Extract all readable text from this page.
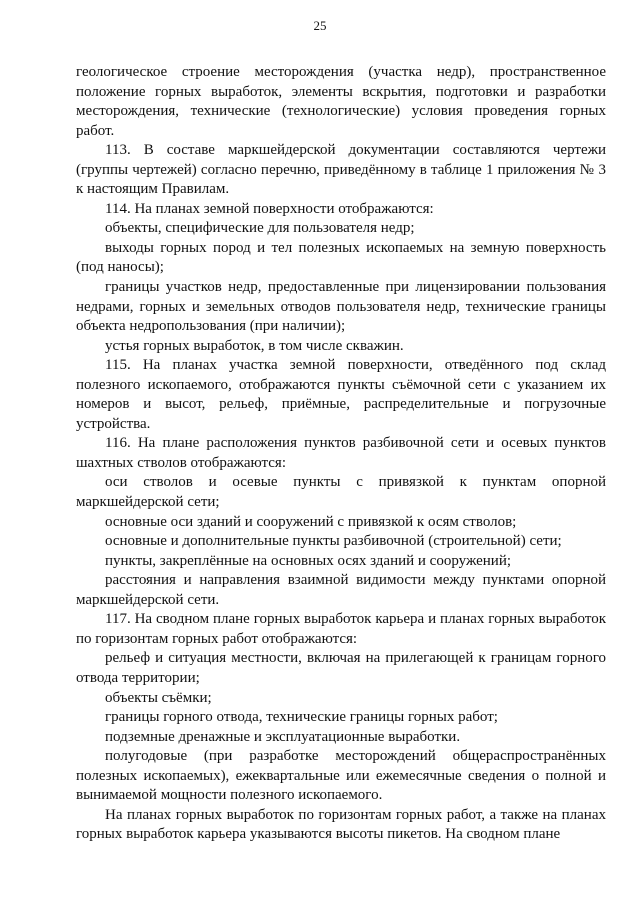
25

геологическое строение месторождения (участка недр), пространственное положение горных выработок, элементы вскрытия, подготовки и разработки месторождения, технические (технологические) условия проведения горных работ.

113. В составе маркшейдерской документации составляются чертежи (группы чертежей) согласно перечню, приведённому в таблице 1 приложения № 3 к настоящим Правилам.

114. На планах земной поверхности отображаются:

объекты, специфические для пользователя недр;

выходы горных пород и тел полезных ископаемых на земную поверхность (под наносы);

границы участков недр, предоставленные при лицензировании пользования недрами, горных и земельных отводов пользователя недр, технические границы объекта недропользования (при наличии);

устья горных выработок, в том числе скважин.

115. На планах участка земной поверхности, отведённого под склад полезного ископаемого, отображаются пункты съёмочной сети с указанием их номеров и высот, рельеф, приёмные, распределительные и погрузочные устройства.

116. На плане расположения пунктов разбивочной сети и осевых пунктов шахтных стволов отображаются:

оси стволов и осевые пункты с привязкой к пунктам опорной маркшейдерской сети;

основные оси зданий и сооружений с привязкой к осям стволов;

основные и дополнительные пункты разбивочной (строительной) сети;

пункты, закреплённые на основных осях зданий и сооружений;

расстояния и направления взаимной видимости между пунктами опорной маркшейдерской сети.

117. На сводном плане горных выработок карьера и планах горных выработок по горизонтам горных работ отображаются:

рельеф и ситуация местности, включая на прилегающей к границам горного отвода территории;

объекты съёмки;

границы горного отвода, технические границы горных работ;

подземные дренажные и эксплуатационные выработки.

полугодовые (при разработке месторождений общераспространённых полезных ископаемых), ежеквартальные или ежемесячные сведения о полной и вынимаемой мощности полезного ископаемого.

На планах горных выработок по горизонтам горных работ, а также на планах горных выработок карьера указываются высоты пикетов. На сводном плане
